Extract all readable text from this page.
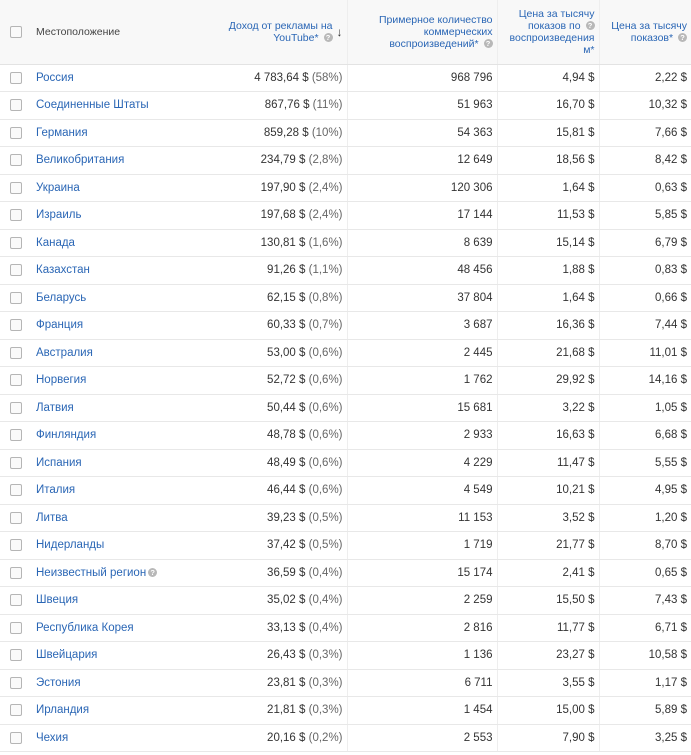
	Местоположение	Доход от рекламы на
YouTube* ? ↓	Примерное количество
коммерческих
воспроизведений* ?	Цена за тысячу
показов по ?
воспроизведения
м*	Цена за тысячу
показов* ?
	Россия	4 783,64 $ (58%)	968 796	4,94 $	2,22 $
	Соединенные Штаты	867,76 $ (11%)	51 963	16,70 $	10,32 $
	Германия	859,28 $ (10%)	54 363	15,81 $	7,66 $
	Великобритания	234,79 $ (2,8%)	12 649	18,56 $	8,42 $
	Украина	197,90 $ (2,4%)	120 306	1,64 $	0,63 $
	Израиль	197,68 $ (2,4%)	17 144	11,53 $	5,85 $
	Канада	130,81 $ (1,6%)	8 639	15,14 $	6,79 $
	Казахстан	91,26 $ (1,1%)	48 456	1,88 $	0,83 $
	Беларусь	62,15 $ (0,8%)	37 804	1,64 $	0,66 $
	Франция	60,33 $ (0,7%)	3 687	16,36 $	7,44 $
	Австралия	53,00 $ (0,6%)	2 445	21,68 $	11,01 $
	Норвегия	52,72 $ (0,6%)	1 762	29,92 $	14,16 $
	Латвия	50,44 $ (0,6%)	15 681	3,22 $	1,05 $
	Финляндия	48,78 $ (0,6%)	2 933	16,63 $	6,68 $
	Испания	48,49 $ (0,6%)	4 229	11,47 $	5,55 $
	Италия	46,44 $ (0,6%)	4 549	10,21 $	4,95 $
	Литва	39,23 $ (0,5%)	11 153	3,52 $	1,20 $
	Нидерланды	37,42 $ (0,5%)	1 719	21,77 $	8,70 $
	Неизвестный регион ?	36,59 $ (0,4%)	15 174	2,41 $	0,65 $
	Швеция	35,02 $ (0,4%)	2 259	15,50 $	7,43 $
	Республика Корея	33,13 $ (0,4%)	2 816	11,77 $	6,71 $
	Швейцария	26,43 $ (0,3%)	1 136	23,27 $	10,58 $
	Эстония	23,81 $ (0,3%)	6 711	3,55 $	1,17 $
	Ирландия	21,81 $ (0,3%)	1 454	15,00 $	5,89 $
	Чехия	20,16 $ (0,2%)	2 553	7,90 $	3,25 $
